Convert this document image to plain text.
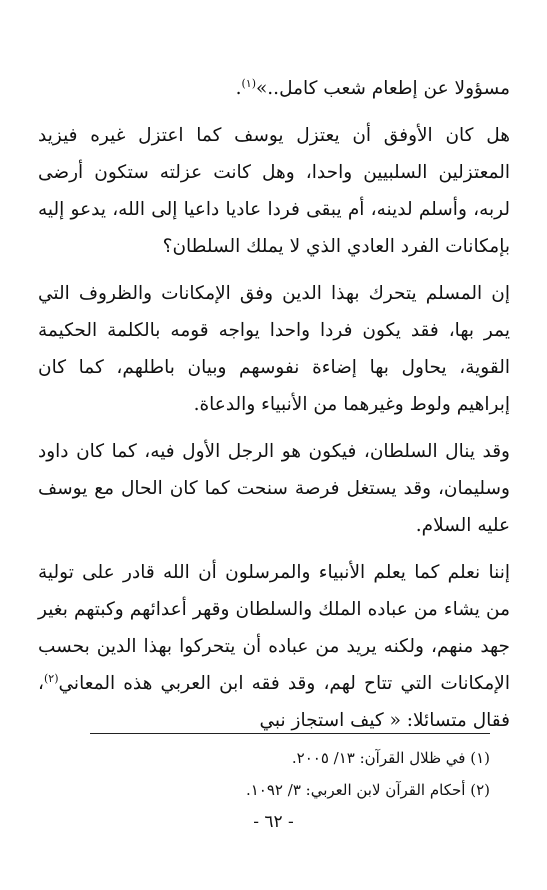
مسؤولا عن إطعام شعب كامل..»$^{(١)}$.

هل كان الأوفق أن يعتزل يوسف كما اعتزل غيره فيزيد المعتزلين السلبيين واحدا، وهل كانت عزلته ستكون أرضى لربه، وأسلم لدينه، أم يبقى فردا عاديا داعيا إلى الله، يدعو إليه بإمكانات الفرد العادي الذي لا يملك السلطان؟

إن المسلم يتحرك بهذا الدين وفق الإمكانات والظروف التي يمر بها، فقد يكون فردا واحدا يواجه قومه بالكلمة الحكيمة القوية، يحاول بها إضاءة نفوسهم وبيان باطلهم، كما كان إبراهيم ولوط وغيرهما من الأنبياء والدعاة.

وقد ينال السلطان، فيكون هو الرجل الأول فيه، كما كان داود وسليمان، وقد يستغل فرصة سنحت كما كان الحال مع يوسف عليه السلام.

إننا نعلم كما يعلم الأنبياء والمرسلون أن الله قادر على تولية من يشاء من عباده الملك والسلطان وقهر أعدائهم وكبتهم بغير جهد منهم، ولكنه يريد من عباده أن يتحركوا بهذا الدين بحسب الإمكانات التي تتاح لهم، وقد فقه ابن العربي هذه المعاني$^{(٢)}$، فقال متسائلا: « كيف استجاز نبي

(١) في ظلال القرآن: ١٣/ ٢٠٠٥.

(٢) أحكام القرآن لابن العربي: ٣/ ١٠٩٢.

- ٦٢ -
